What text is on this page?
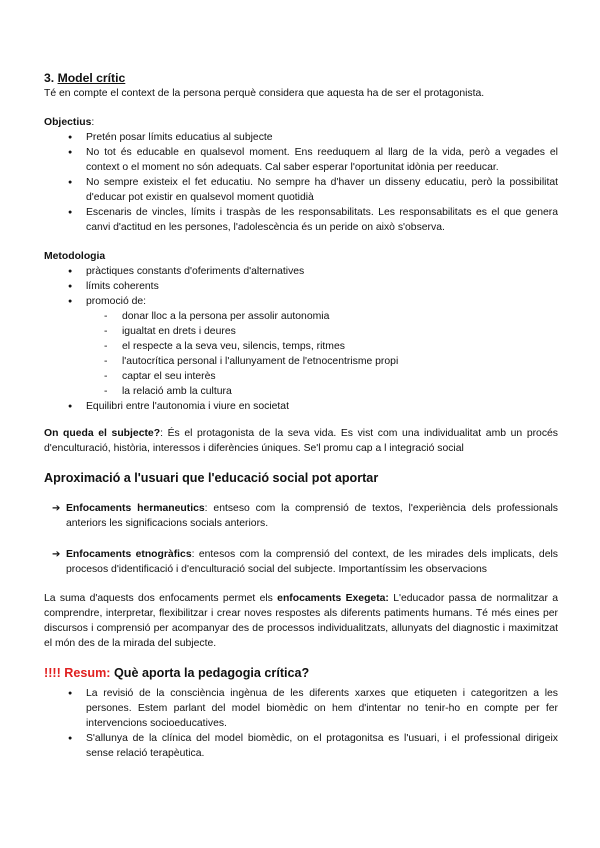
3. Model crític

Té en compte el context de la persona perquè considera que aquesta ha de ser el protagonista.

Objectius:

● Pretén posar límits educatius al subjecte
● No tot és educable en qualsevol moment. Ens reeduquem al llarg de la vida, però a vegades el context o el moment no són adequats. Cal saber esperar l'oportunitat idònia per reeducar.
● No sempre existeix el fet educatiu. No sempre ha d'haver un disseny educatiu, però la possibilitat d'educar pot existir en qualsevol moment quotidià
● Escenaris de vincles, límits i traspàs de les responsabilitats. Les responsabilitats es el que genera canvi d'actitud en les persones, l'adolescència és un peride on això s'observa.

Metodologia

● pràctiques constants d'oferiments d'alternatives
● límits coherents
● promoció de:
- donar lloc a la persona per assolir autonomia
- igualtat en drets i deures
- el respecte a la seva veu, silencis, temps, ritmes
- l'autocrítica personal i l'allunyament de l'etnocentrisme propi
- captar el seu interès
- la relació amb la cultura
● Equilibri entre l'autonomia i viure en societat

On queda el subjecte?: És el protagonista de la seva vida. Es vist com una individualitat amb un procés d'enculturació, història, interessos i diferències úniques. Se'l promu cap a l integració social

Aproximació a l'usuari que l'educació social pot aportar

➔ Enfocaments hermaneutics: entseso com la comprensió de textos, l'experiència dels professionals anteriors les significacions socials anteriors.
➔ Enfocaments etnogràfics: entesos com la comprensió del context, de les mirades dels implicats, dels procesos d'identificació i d'enculturació social del subjecte. Importantíssim les observacions

La suma d'aquests dos enfocaments permet els enfocaments Exegeta: L'educador passa de normalitzar a comprendre, interpretar, flexibilitzar i crear noves respostes als diferents patiments humans. Té més eines per discursos i comprensió per acompanyar des de processos individualitzats, allunyats del diagnostic i maximitzat el món des de la mirada del subjecte.

!!!! Resum: Què aporta la pedagogia crítica?

● La revisió de la consciència ingènua de les diferents xarxes que etiqueten i categoritzen a les persones. Estem parlant del model biomèdic on hem d'intentar no tenir-ho en compte per fer intervencions socioeducatives.
● S'allunya de la clínica del model biomèdic, on el protagonitsa es l'usuari, i el professional dirigeix sense relació terapèutica.
